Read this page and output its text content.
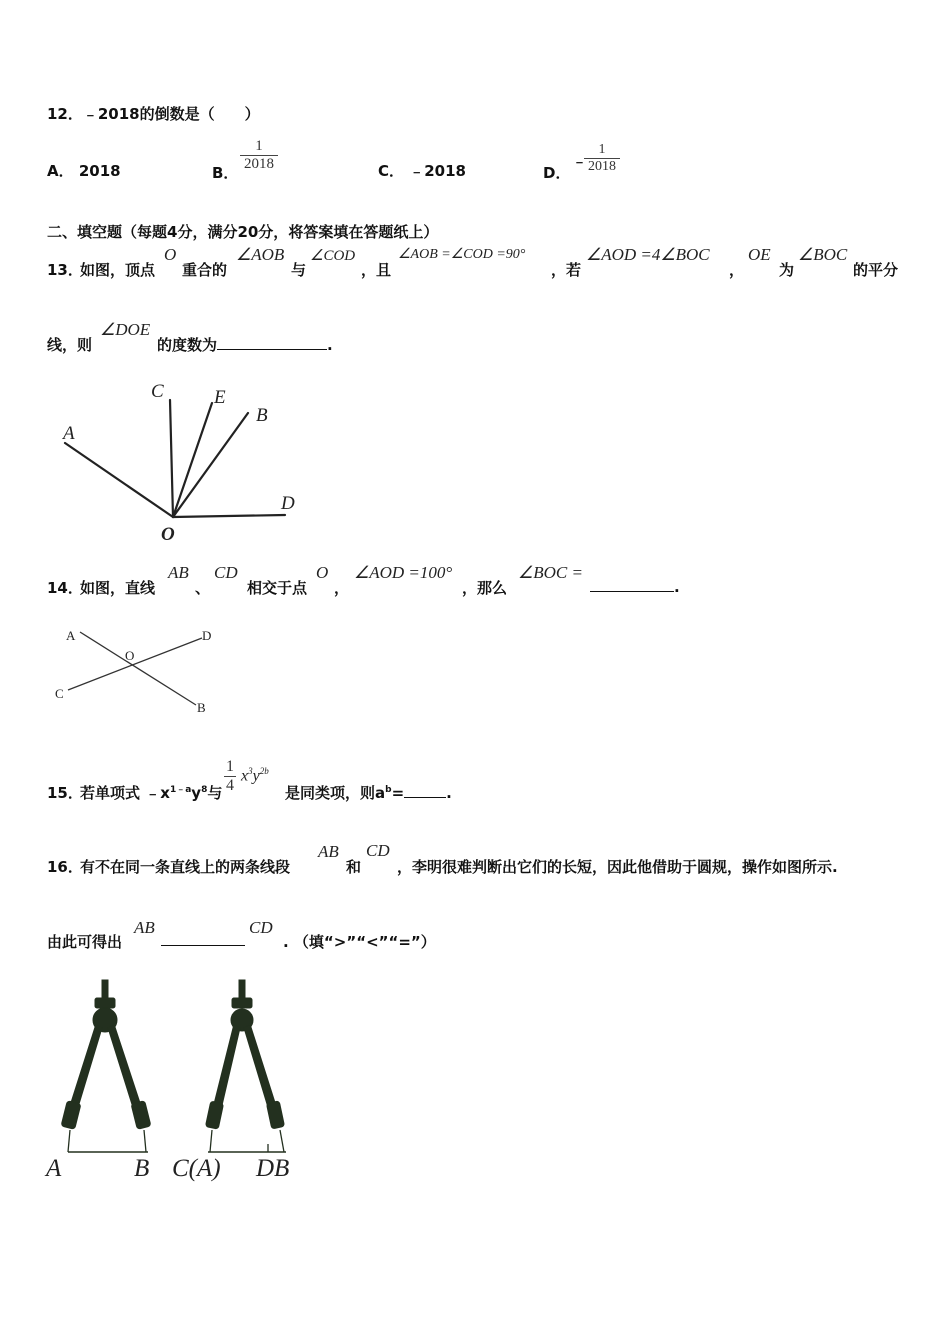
12．﹣2018的倒数是（　　）
A． 2018	B． $\frac{1}{2018}$	C． ﹣2018	D．
﹣
$\frac{1}{2018}$
二、填空题（每题4分，满分20分，将答案填在答题纸上）
13．
如图，顶点
O
重合的
∠AOB
与
∠COD
，且
∠AOB =∠COD =90°
，若
∠AOD =4∠BOC
，
OE
为
∠BOC
的平分
线，则
∠DOE
的度数为	.
A
C	E
B
D
O
14．
如图，直线
AB
、
CD
相交于点
O
，
∠AOD =100°
，那么
∠BOC =
.
A	D
O
C
B
15．
若单项式 $﹣x^{1﹣a}y^8$与 $\frac{1}{4} x^3y^{2b}$
是同类项，则$a^b=$	.
16．
有不在同一条直线上的两条线段
AB
和
CD
，李明很难判断出它们的长短，因此他借助于圆规，操作如图所示.
由此可得出
AB	CD
. （填“>”“<”“=”）
A	B C(A) DB
